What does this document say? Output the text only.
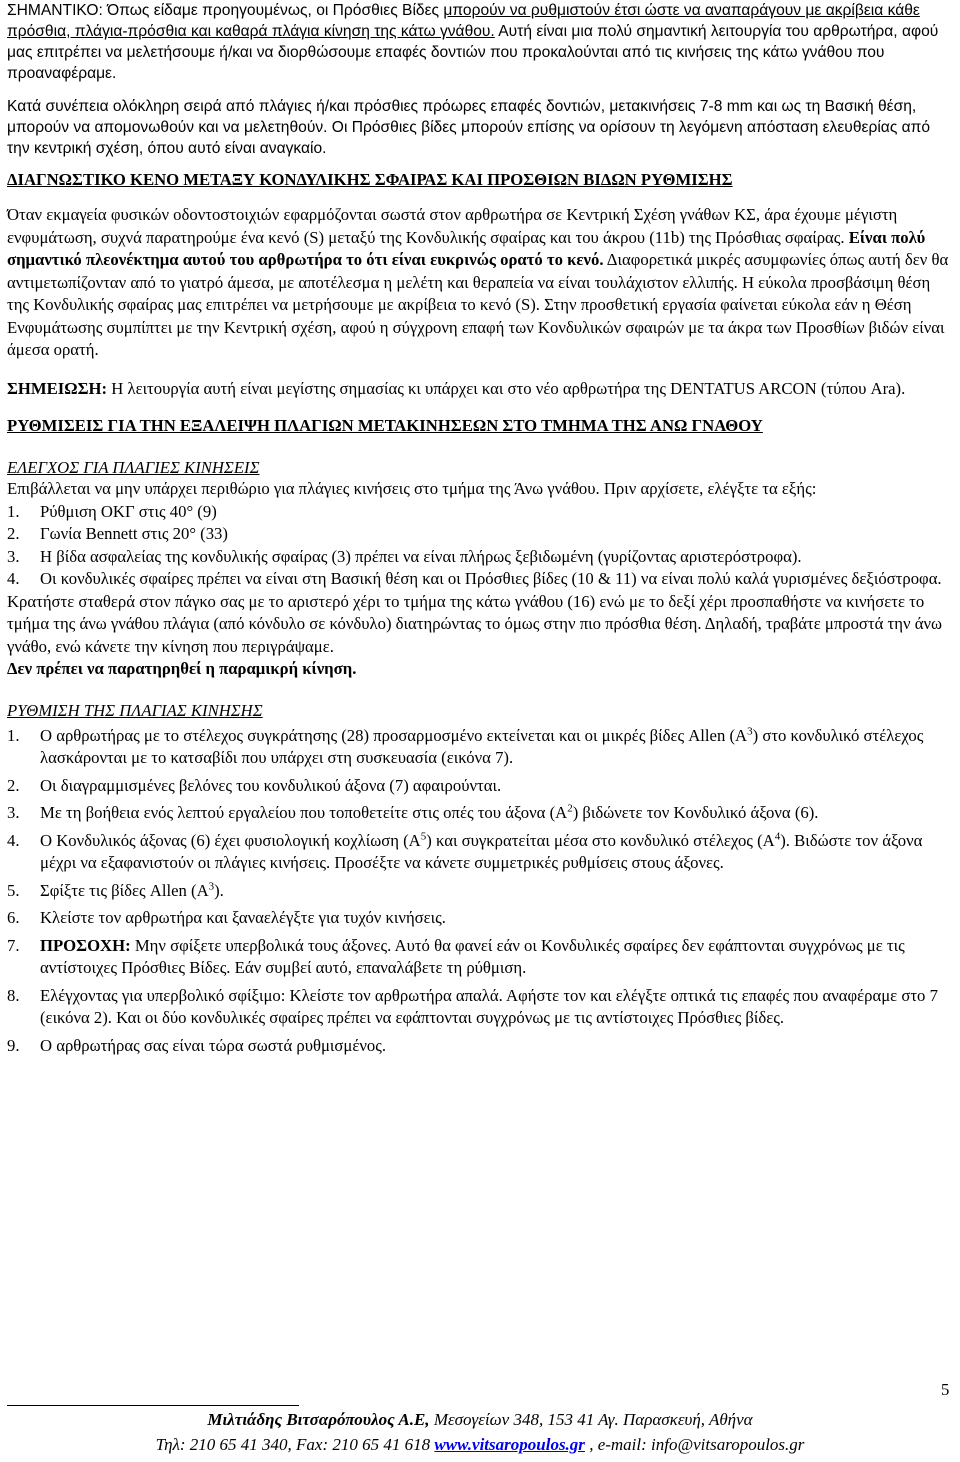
ΣΗΜΑΝΤΙΚΟ: Όπως είδαμε προηγουμένως, οι Πρόσθιες Βίδες μπορούν να ρυθμιστούν έτσι ώστε να αναπαράγουν με ακρίβεια κάθε πρόσθια, πλάγια-πρόσθια και καθαρά πλάγια κίνηση της κάτω γνάθου. Αυτή είναι μια πολύ σημαντική λειτουργία του αρθρωτήρα, αφού μας επιτρέπει να μελετήσουμε ή/και να διορθώσουμε επαφές δοντιών που προκαλούνται από τις κινήσεις της κάτω γνάθου που προαναφέραμε.

Κατά συνέπεια ολόκληρη σειρά από πλάγιες ή/και πρόσθιες πρόωρες επαφές δοντιών, μετακινήσεις 7-8 mm και ως τη Βασική θέση, μπορούν να απομονωθούν και να μελετηθούν. Οι Πρόσθιες βίδες μπορούν επίσης να ορίσουν τη λεγόμενη απόσταση ελευθερίας από την κεντρική σχέση, όπου αυτό είναι αναγκαίο.

ΔΙΑΓΝΩΣΤΙΚΟ ΚΕΝΟ ΜΕΤΑΞΥ ΚΟΝΔΥΛΙΚΗΣ ΣΦΑΙΡΑΣ ΚΑΙ ΠΡΟΣΘΙΩΝ ΒΙΔΩΝ ΡΥΘΜΙΣΗΣ

Όταν εκμαγεία φυσικών οδοντοστοιχιών εφαρμόζονται σωστά στον αρθρωτήρα σε Κεντρική Σχέση γνάθων ΚΣ, άρα έχουμε μέγιστη ενφυμάτωση, συχνά παρατηρούμε ένα κενό (S) μεταξύ της Κονδυλικής σφαίρας και του άκρου (11b) της Πρόσθιας σφαίρας. Είναι πολύ σημαντικό πλεονέκτημα αυτού του αρθρωτήρα το ότι είναι ευκρινώς ορατό το κενό. Διαφορετικά μικρές ασυμφωνίες όπως αυτή δεν θα αντιμετωπίζονταν από το γιατρό άμεσα, με αποτέλεσμα η μελέτη και θεραπεία να είναι τουλάχιστον ελλιπής. Η εύκολα προσβάσιμη θέση της Κονδυλικής σφαίρας μας επιτρέπει να μετρήσουμε με ακρίβεια το κενό (S). Στην προσθετική εργασία φαίνεται εύκολα εάν η Θέση Ενφυμάτωσης συμπίπτει με την Κεντρική σχέση, αφού η σύγχρονη επαφή των Κονδυλικών σφαιρών με τα άκρα των Προσθίων βιδών είναι άμεσα ορατή.

ΣΗΜΕΙΩΣΗ: Η λειτουργία αυτή είναι μεγίστης σημασίας κι υπάρχει και στο νέο αρθρωτήρα της DENTATUS ARCON (τύπου Ara).

ΡΥΘΜΙΣΕΙΣ ΓΙΑ ΤΗΝ ΕΞΑΛΕΙΨΗ ΠΛΑΓΙΩΝ ΜΕΤΑΚΙΝΗΣΕΩΝ ΣΤΟ ΤΜΗΜΑ ΤΗΣ ΑΝΩ ΓΝΑΘΟΥ

ΕΛΕΓΧΟΣ ΓΙΑ ΠΛΑΓΙΕΣ ΚΙΝΗΣΕΙΣ

Επιβάλλεται να μην υπάρχει περιθώριο για πλάγιες κινήσεις στο τμήμα της Άνω γνάθου. Πριν αρχίσετε, ελέγξτε τα εξής:

1. Ρύθμιση ΟΚΓ στις 40° (9)
2. Γωνία Bennett στις 20° (33)
3. Η βίδα ασφαλείας της κονδυλικής σφαίρας (3) πρέπει να είναι πλήρως ξεβιδωμένη (γυρίζοντας αριστερόστροφα).
4. Οι κονδυλικές σφαίρες πρέπει να είναι στη Βασική θέση και οι Πρόσθιες βίδες (10 & 11) να είναι πολύ καλά γυρισμένες δεξιόστροφα.

Κρατήστε σταθερά στον πάγκο σας με το αριστερό χέρι το τμήμα της κάτω γνάθου (16) ενώ με το δεξί χέρι προσπαθήστε να κινήσετε το τμήμα της άνω γνάθου πλάγια (από κόνδυλο σε κόνδυλο) διατηρώντας το όμως στην πιο πρόσθια θέση. Δηλαδή, τραβάτε μπροστά την άνω γνάθο, ενώ κάνετε την κίνηση που περιγράψαμε.

Δεν πρέπει να παρατηρηθεί η παραμικρή κίνηση.

ΡΥΘΜΙΣΗ ΤΗΣ ΠΛΑΓΙΑΣ ΚΙΝΗΣΗΣ

1. Ο αρθρωτήρας με το στέλεχος συγκράτησης (28) προσαρμοσμένο εκτείνεται και οι μικρές βίδες Allen $(A^3)$ στο κονδυλικό στέλεχος λασκάρονται με το κατσαβίδι που υπάρχει στη συσκευασία (εικόνα 7).
2. Οι διαγραμμισμένες βελόνες του κονδυλικού άξονα (7) αφαιρούνται.
3. Με τη βοήθεια ενός λεπτού εργαλείου που τοποθετείτε στις οπές του άξονα $(A^2)$ βιδώνετε τον Κονδυλικό άξονα (6).
4. Ο Κονδυλικός άξονας (6) έχει φυσιολογική κοχλίωση $(A^5)$ και συγκρατείται μέσα στο κονδυλικό στέλεχος $(A^4)$. Βιδώστε τον άξονα μέχρι να εξαφανιστούν οι πλάγιες κινήσεις. Προσέξτε να κάνετε συμμετρικές ρυθμίσεις στους άξονες.
5. Σφίξτε τις βίδες Allen $(A^3)$.
6. Κλείστε τον αρθρωτήρα και ξαναελέγξτε για τυχόν κινήσεις.
7. ΠΡΟΣΟΧΗ: Μην σφίξετε υπερβολικά τους άξονες. Αυτό θα φανεί εάν οι Κονδυλικές σφαίρες δεν εφάπτονται συγχρόνως με τις αντίστοιχες Πρόσθιες Βίδες. Εάν συμβεί αυτό, επαναλάβετε τη ρύθμιση.
8. Ελέγχοντας για υπερβολικό σφίξιμο: Κλείστε τον αρθρωτήρα απαλά. Αφήστε τον και ελέγξτε οπτικά τις επαφές που αναφέραμε στο 7 (εικόνα 2). Και οι δύο κονδυλικές σφαίρες πρέπει να εφάπτονται συγχρόνως με τις αντίστοιχες Πρόσθιες βίδες.
9. Ο αρθρωτήρας σας είναι τώρα σωστά ρυθμισμένος.
5
Μιλτιάδης Βιτσαρόπουλος Α.Ε, Μεσογείων 348, 153 41 Αγ. Παρασκευή, Αθήνα
Τηλ: 210 65 41 340, Fax: 210 65 41 618 www.vitsaropoulos.gr , e-mail: info@vitsaropoulos.gr
